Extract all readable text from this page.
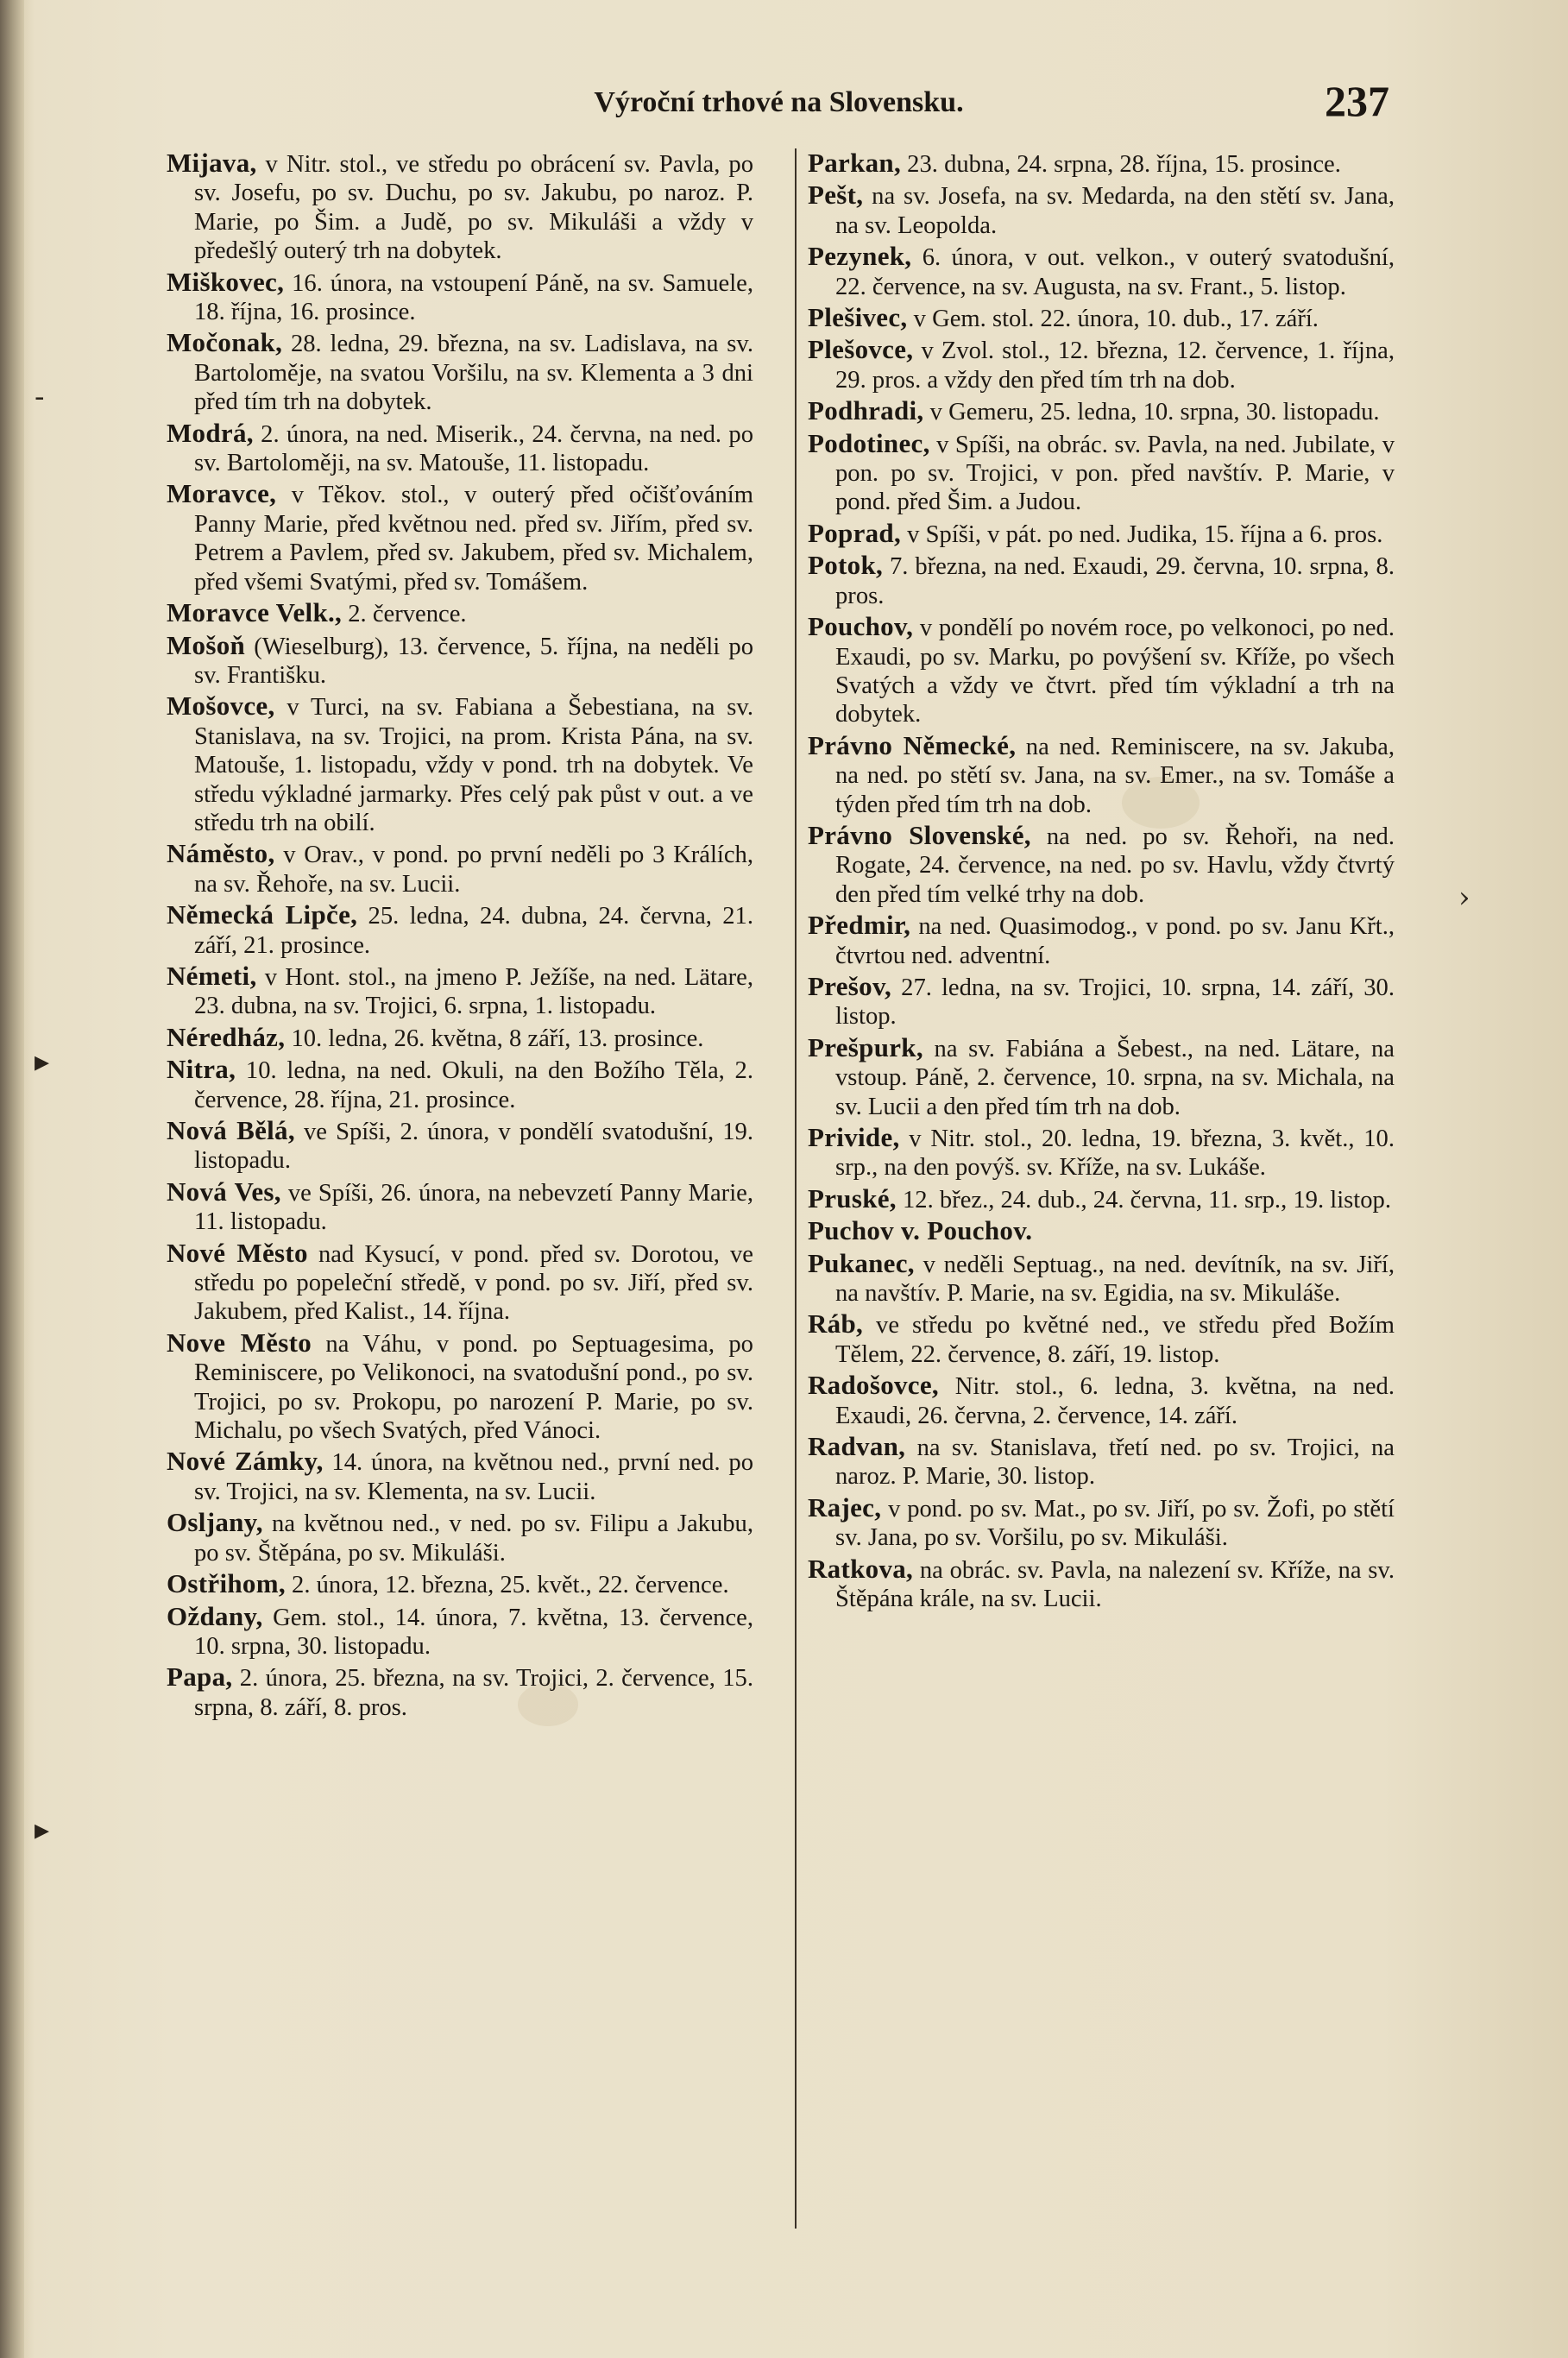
‑
▸
▸
›
Výroční trhové na Slovensku.	237

Mijava, v Nitr. stol., ve středu po obrácení sv. Pavla, po sv. Josefu, po sv. Duchu, po sv. Jakubu, po naroz. P. Marie, po Šim. a Judě, po sv. Mikuláši a vždy v předešlý outerý trh na dobytek.

Miškovec, 16. února, na vstoupení Páně, na sv. Samuele, 18. října, 16. prosince.

Močonak, 28. ledna, 29. března, na sv. Ladislava, na sv. Bartoloměje, na svatou Voršilu, na sv. Klementa a 3 dni před tím trh na dobytek.

Modrá, 2. února, na ned. Miserik., 24. června, na ned. po sv. Bartoloměji, na sv. Matouše, 11. listopadu.

Moravce, v Těkov. stol., v outerý před očišťováním Panny Marie, před květnou ned. před sv. Jiřím, před sv. Petrem a Pavlem, před sv. Jakubem, před sv. Michalem, před všemi Svatými, před sv. Tomášem.

Moravce Velk., 2. července.

Mošoň (Wieselburg), 13. července, 5. října, na neděli po sv. Františku.

Mošovce, v Turci, na sv. Fabiana a Šebestiana, na sv. Stanislava, na sv. Trojici, na prom. Krista Pána, na sv. Matouše, 1. listopadu, vždy v pond. trh na dobytek. Ve středu výkladné jarmarky. Přes celý pak půst v out. a ve středu trh na obilí.

Náměsto, v Orav., v pond. po první neděli po 3 Králích, na sv. Řehoře, na sv. Lucii.

Německá Lipče, 25. ledna, 24. dubna, 24. června, 21. září, 21. prosince.

Németi, v Hont. stol., na jmeno P. Ježíše, na ned. Lätare, 23. dubna, na sv. Trojici, 6. srpna, 1. listopadu.

Néredház, 10. ledna, 26. května, 8 září, 13. prosince.

Nitra, 10. ledna, na ned. Okuli, na den Božího Těla, 2. července, 28. října, 21. prosince.

Nová Bělá, ve Spíši, 2. února, v pondělí svatodušní, 19. listopadu.

Nová Ves, ve Spíši, 26. února, na nebevzetí Panny Marie, 11. listopadu.

Nové Město nad Kysucí, v pond. před sv. Dorotou, ve středu po popeleční středě, v pond. po sv. Jiří, před sv. Jakubem, před Kalist., 14. října.

Nove Město na Váhu, v pond. po Septuagesima, po Reminiscere, po Velikonoci, na svatodušní pond., po sv. Trojici, po sv. Prokopu, po narození P. Marie, po sv. Michalu, po všech Svatých, před Vánoci.

Nové Zámky, 14. února, na květnou ned., první ned. po sv. Trojici, na sv. Klementa, na sv. Lucii.

Osljany, na květnou ned., v ned. po sv. Filipu a Jakubu, po sv. Štěpána, po sv. Mikuláši.

Ostřihom, 2. února, 12. března, 25. květ., 22. července.

Oždany, Gem. stol., 14. února, 7. května, 13. července, 10. srpna, 30. listopadu.

Papa, 2. února, 25. března, na sv. Trojici, 2. července, 15. srpna, 8. září, 8. pros.

Parkan, 23. dubna, 24. srpna, 28. října, 15. prosince.

Pešt, na sv. Josefa, na sv. Medarda, na den stětí sv. Jana, na sv. Leopolda.

Pezynek, 6. února, v out. velkon., v outerý svatodušní, 22. července, na sv. Augusta, na sv. Frant., 5. listop.

Plešivec, v Gem. stol. 22. února, 10. dub., 17. září.

Plešovce, v Zvol. stol., 12. března, 12. července, 1. října, 29. pros. a vždy den před tím trh na dob.

Podhradi, v Gemeru, 25. ledna, 10. srpna, 30. listopadu.

Podotinec, v Spíši, na obrác. sv. Pavla, na ned. Jubilate, v pon. po sv. Trojici, v pon. před navštív. P. Marie, v pond. před Šim. a Judou.

Poprad, v Spíši, v pát. po ned. Judika, 15. října a 6. pros.

Potok, 7. března, na ned. Exaudi, 29. června, 10. srpna, 8. pros.

Pouchov, v pondělí po novém roce, po velkonoci, po ned. Exaudi, po sv. Marku, po povýšení sv. Kříže, po všech Svatých a vždy ve čtvrt. před tím výkladní a trh na dobytek.

Právno Německé, na ned. Reminiscere, na sv. Jakuba, na ned. po stětí sv. Jana, na sv. Emer., na sv. Tomáše a týden před tím trh na dob.

Právno Slovenské, na ned. po sv. Řehoři, na ned. Rogate, 24. července, na ned. po sv. Havlu, vždy čtvrtý den před tím velké trhy na dob.

Předmir, na ned. Quasimodog., v pond. po sv. Janu Křt., čtvrtou ned. adventní.

Prešov, 27. ledna, na sv. Trojici, 10. srpna, 14. září, 30. listop.

Prešpurk, na sv. Fabiána a Šebest., na ned. Lätare, na vstoup. Páně, 2. července, 10. srpna, na sv. Michala, na sv. Lucii a den před tím trh na dob.

Privide, v Nitr. stol., 20. ledna, 19. března, 3. květ., 10. srp., na den povýš. sv. Kříže, na sv. Lukáše.

Pruské, 12. břez., 24. dub., 24. června, 11. srp., 19. listop.

Puchov v. Pouchov.

Pukanec, v neděli Septuag., na ned. devítník, na sv. Jiří, na navštív. P. Marie, na sv. Egidia, na sv. Mikuláše.

Ráb, ve středu po květné ned., ve středu před Božím Tělem, 22. července, 8. září, 19. listop.

Radošovce, Nitr. stol., 6. ledna, 3. května, na ned. Exaudi, 26. června, 2. července, 14. září.

Radvan, na sv. Stanislava, třetí ned. po sv. Trojici, na naroz. P. Marie, 30. listop.

Rajec, v pond. po sv. Mat., po sv. Jiří, po sv. Žofi, po stětí sv. Jana, po sv. Voršilu, po sv. Mikuláši.

Ratkova, na obrác. sv. Pavla, na nalezení sv. Kříže, na sv. Štěpána krále, na sv. Lucii.
